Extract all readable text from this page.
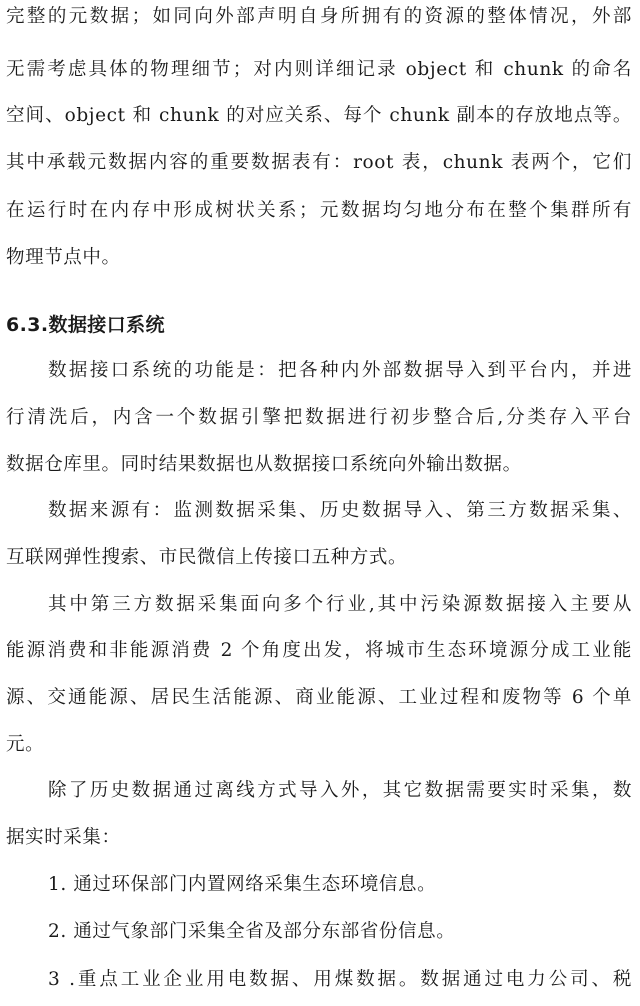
完整的元数据；如同向外部声明自身所拥有的资源的整体情况，外部
无需考虑具体的物理细节；对内则详细记录 object 和 chunk 的命名
空间、object 和 chunk 的对应关系、每个 chunk 副本的存放地点等。
其中承载元数据内容的重要数据表有：root 表，chunk 表两个，它们
在运行时在内存中形成树状关系；元数据均匀地分布在整个集群所有
物理节点中。
6.3.数据接口系统
数据接口系统的功能是：把各种内外部数据导入到平台内，并进
行清洗后，内含一个数据引擎把数据进行初步整合后,分类存入平台
数据仓库里。同时结果数据也从数据接口系统向外输出数据。
数据来源有：监测数据采集、历史数据导入、第三方数据采集、
互联网弹性搜索、市民微信上传接口五种方式。
其中第三方数据采集面向多个行业,其中污染源数据接入主要从
能源消费和非能源消费 2 个角度出发，将城市生态环境源分成工业能
源、交通能源、居民生活能源、商业能源、工业过程和废物等 6 个单
元。
除了历史数据通过离线方式导入外，其它数据需要实时采集，数
据实时采集：
1. 通过环保部门内置网络采集生态环境信息。
2. 通过气象部门采集全省及部分东部省份信息。
3 .重点工业企业用电数据、用煤数据。数据通过电力公司、税
